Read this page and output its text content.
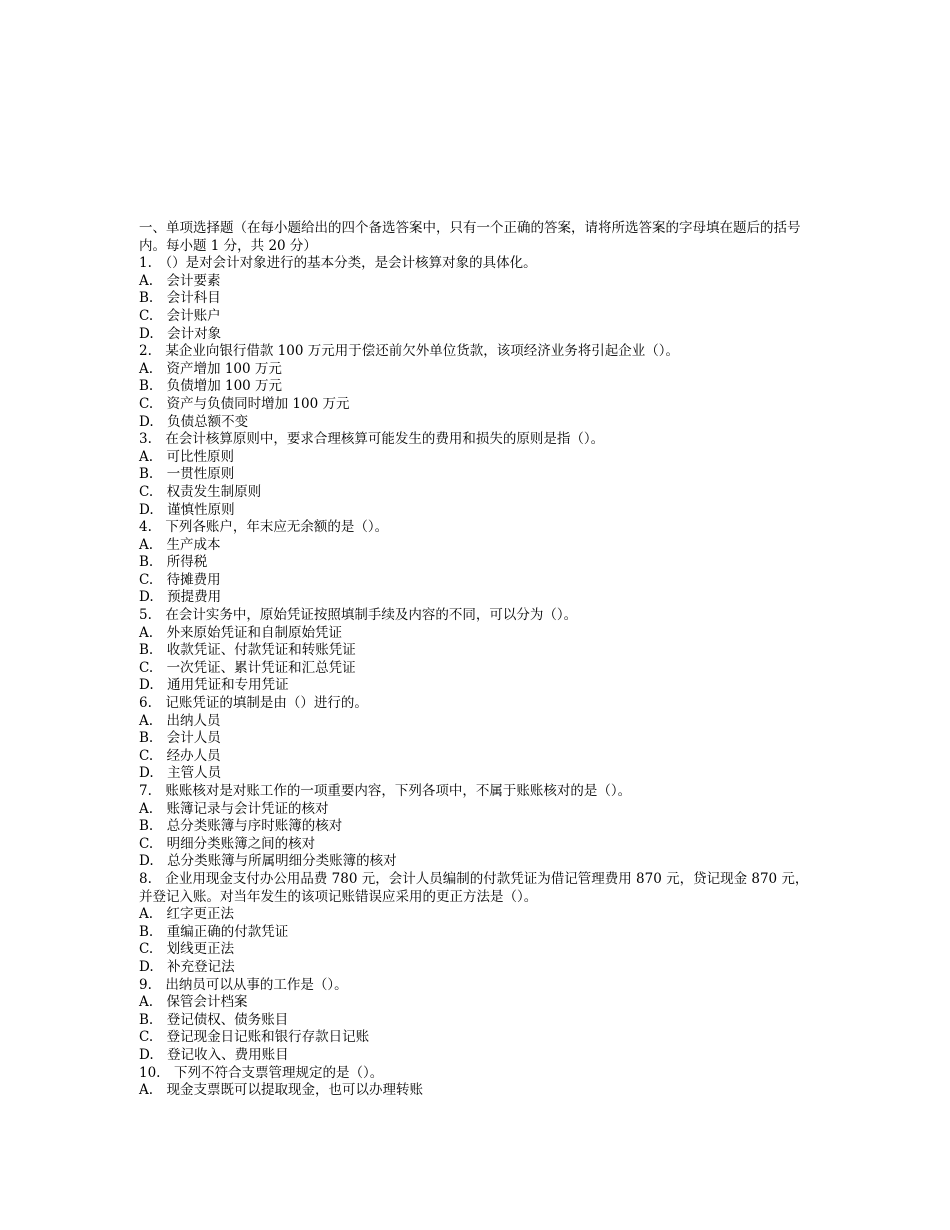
一、单项选择题（在每小题给出的四个备选答案中，只有一个正确的答案，请将所选答案的字母填在题后的括号内。每小题 1 分，共 20 分）
1.　（）是对会计对象进行的基本分类，是会计核算对象的具体化。
A.　会计要素
B.　会计科目
C.　会计账户
D.　会计对象
2.　某企业向银行借款 100 万元用于偿还前欠外单位货款，该项经济业务将引起企业（）。
A.　资产增加 100 万元
B.　负债增加 100 万元
C.　资产与负债同时增加 100 万元
D.　负债总额不变
3.　在会计核算原则中，要求合理核算可能发生的费用和损失的原则是指（）。
A.　可比性原则
B.　一贯性原则
C.　权责发生制原则
D.　谨慎性原则
4.　下列各账户，年末应无余额的是（）。
A.　生产成本
B.　所得税
C.　待摊费用
D.　预提费用
5.　在会计实务中，原始凭证按照填制手续及内容的不同，可以分为（）。
A.　外来原始凭证和自制原始凭证
B.　收款凭证、付款凭证和转账凭证
C.　一次凭证、累计凭证和汇总凭证
D.　通用凭证和专用凭证
6.　记账凭证的填制是由（）进行的。
A.　出纳人员
B.　会计人员
C.　经办人员
D.　主管人员
7.　账账核对是对账工作的一项重要内容，下列各项中，不属于账账核对的是（）。
A.　账簿记录与会计凭证的核对
B.　总分类账簿与序时账簿的核对
C.　明细分类账簿之间的核对
D.　总分类账簿与所属明细分类账簿的核对
8.　企业用现金支付办公用品费 780 元，会计人员编制的付款凭证为借记管理费用 870 元，贷记现金 870 元，并登记入账。对当年发生的该项记账错误应采用的更正方法是（）。
A.　红字更正法
B.　重编正确的付款凭证
C.　划线更正法
D.　补充登记法
9.　出纳员可以从事的工作是（）。
A.　保管会计档案
B.　登记债权、债务账目
C.　登记现金日记账和银行存款日记账
D.　登记收入、费用账目
10.　下列不符合支票管理规定的是（）。
A.　现金支票既可以提取现金，也可以办理转账
